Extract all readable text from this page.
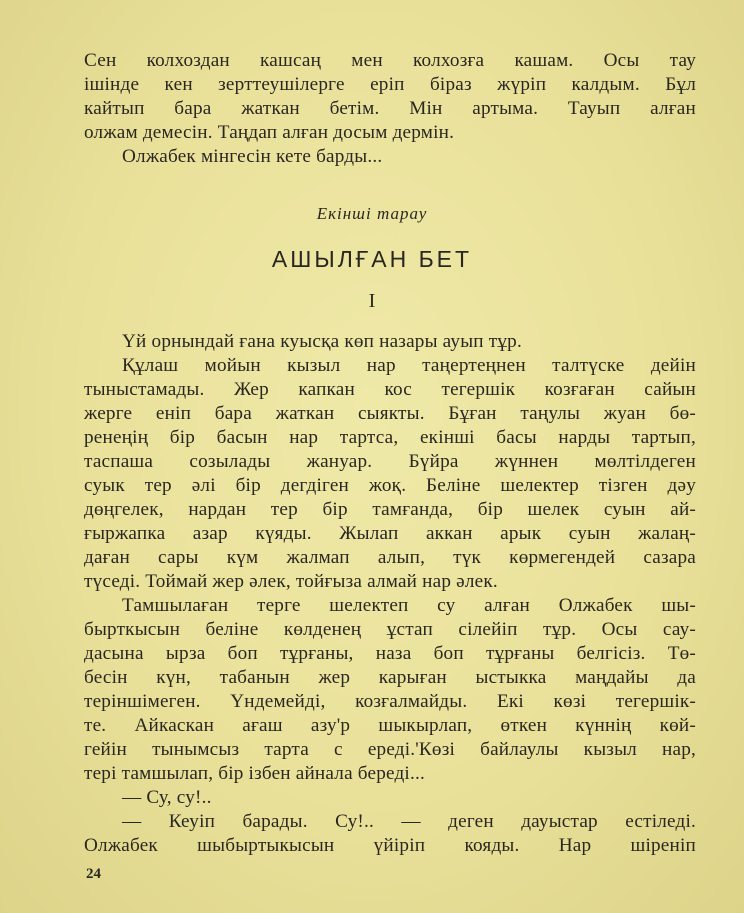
Сен колхоздан кашсаң мен колхозға кашам. Осы тау
ішінде кен зерттеушілерге еріп біраз жүріп калдым. Бұл
кайтып бара жаткан бетім. Мін артыма. Тауып алған
олжам демесін. Таңдап алған досым дермін.
Олжабек мінгесін кете барды...
Екінші тарау
АШЫЛҒАН БЕТ
I
Үй орнындай ғана куысқа көп назары ауып тұр.
Құлаш мойын кызыл нар таңертеңнен талтүске дейін
тыныстамады. Жер капкан кос тегершік козғаған сайын
жерге еніп бара жаткан сыякты. Бұған таңулы жуан бө-
ренеңің бір басын нар тартса, екінші басы нарды тартып,
таспаша созылады жануар. Бүйра жүннен мөлтілдеген
суык тер әлі бір дегдіген жоқ. Беліне шелектер тізген дәу
дөңгелек, нардан тер бір тамғанда, бір шелек суын ай-
ғыржапка азар күяды. Жылап аккан арык суын жалаң-
даған сары күм жалмап алып, түк көрмегендей сазара
түседі. Тоймай жер әлек, тойғыза алмай нар әлек.
Тамшылаған терге шелектеп су алған Олжабек шы-
бырткысын беліне көлденең ұстап сілейіп тұр. Осы сау-
дасына ырза боп тұрғаны, наза боп тұрғаны белгісіз. Тө-
бесін күн, табанын жер карыған ыстыкка маңдайы да
теріншімеген. Үндемейді, козғалмайды. Екі көзі тегершік-
те. Айкаскан ағаш азу'р шыкырлап, өткен күннің көй-
гейін тынымсыз тарта с ереді.'Көзі байлаулы кызыл нар,
тері тамшылап, бір ізбен айнала береді...
— Су, су!..
— Кеуіп барады. Су!.. — деген дауыстар естіледі.
Олжабек шыбыртыкысын үйіріп кояды. Нар шіреніп
24
